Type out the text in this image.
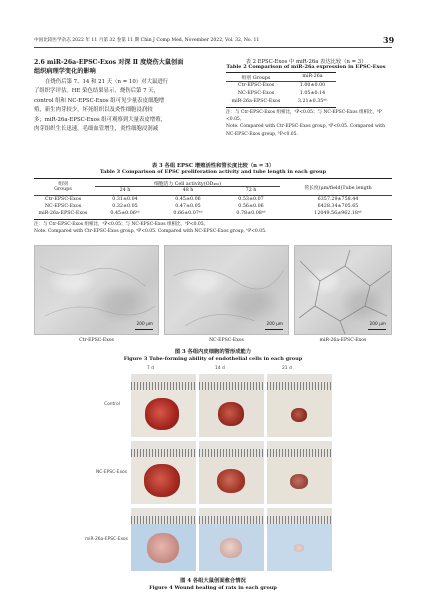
中国比较医学杂志 2022 年 11 月第 32 卷第 11 期 Chin J Comp Med, November 2022, Vol. 32, No. 11	39
2.6 miR-26a-EPSC-Exos 对深 Ⅱ 度烧伤大鼠创面
组织病理学变化的影响
在烧伤后第 7、14 和 21 天（n = 10）对大鼠进行
了组织学评估。HE 染色结果显示，烧伤后第 7 天，
control 组和 NC-EPSC-Exos 组可见少量表皮细胞增
殖，新生肉芽较少，坏死组织以及炎性细胞浸润较
多；miR-26a-EPSC-Exos 组可观察到大量表皮增殖，
肉芽组织生长迅速，毛细血管增生，炎性细胞浸润减
表 2 EPSC-Exos 中 miR-26a 表达比较（n = 3）
Table 2 Comparison of miR-26a expression in EPSC-Exos
组别 Groups	miR-26a
Ctr-EPSC-Exos	1.00±0.00
NC-EPSC-Exos	1.05±0.14
miR-26a-EPSC-Exos	3.21±0.35ᵃᵇ
注：与 Ctr-EPSC-Exos 组相比，ᵃP<0.05；与 NC-EPSC-Exos 组相比，ᵇP
<0.05。
Note. Compared with Ctr-EPSC-Exos group, ᵃP<0.05. Compared with
NC-EPSC-Exos group, ᵇP<0.05.
表 3 各组 EPSC 增殖活性和管长度比较（n = 3）
Table 3 Comparison of EPSC proliferation activity and tube length in each group
组别
Groups
细胞活力 Cell activity(OD₄₅₀)
24 h	48 h	72 h	管长度(μm/field)Tube length
Ctr-EPSC-Exos	0.31±0.04	0.45±0.06	0.53±0.07	6357.29±758.44
NC-EPSC-Exos	0.32±0.05	0.47±0.05	0.56±0.06	6428.34±705.65
miR-26a-EPSC-Exos	0.45±0.06ᵃᵇ	0.66±0.07ᵃᵇ	0.78±0.08ᵃᵇ	12049.56±962.18ᵃᵇ
注：与 Ctr-EPSC-Exos 组相比，ᵃP<0.05；与 NC-EPSC-Exos 组相比，ᵇP<0.05。
Note. Compared with Ctr-EPSC-Exos group, ᵃP<0.05. Compared with NC-EPSC-Exos group, ᵇP<0.05.
200 μm	200 μm	200 μm
Ctr-EPSC-Exos	NC-EPSC-Exos	miR-26a-EPSC-Exos
图 3 各组内皮细胞的管形成能力
Figure 3 Tube-forming ability of endothelial cells in each group
7 d	14 d	21 d
Control
NC-EPSC-Exos
miR-26a-EPSC-Exos
图 4 各组大鼠创面愈合情况
Figure 4 Wound healing of rats in each group
